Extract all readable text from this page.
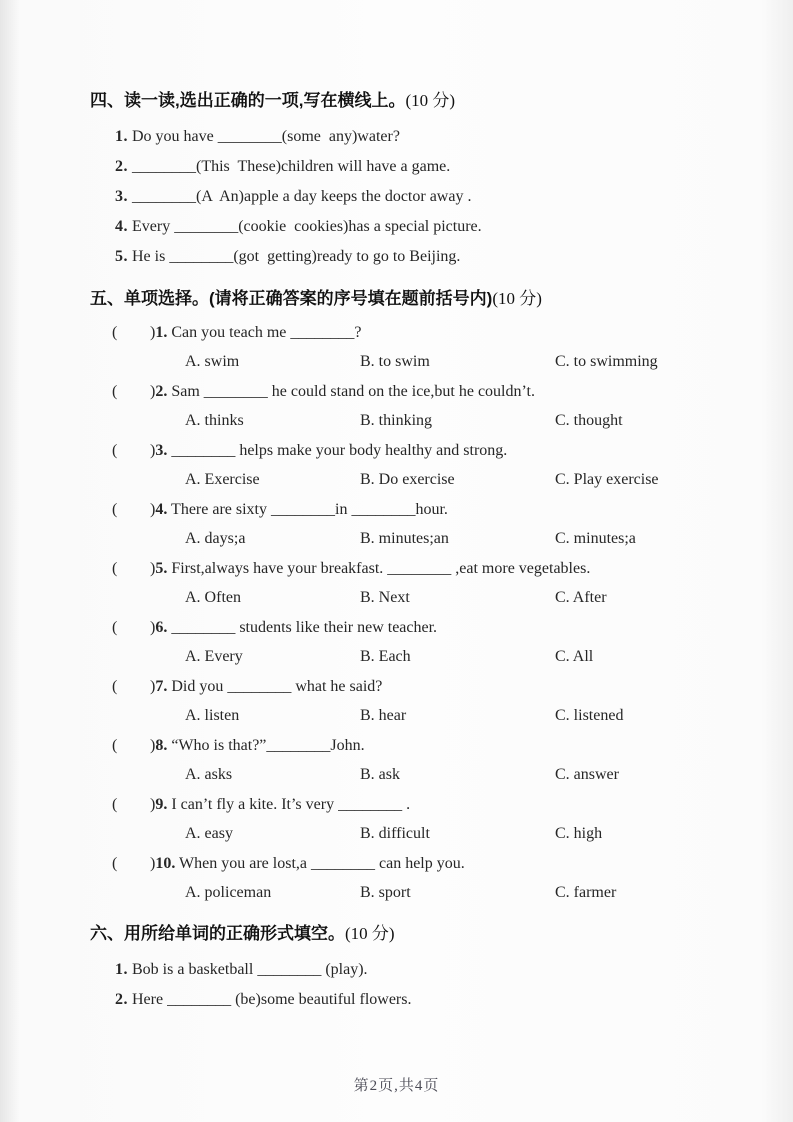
四、读一读,选出正确的一项,写在横线上。(10 分)
1. Do you have ________(some  any)water?
2. ________(This  These)children will have a game.
3. ________(A  An)apple a day keeps the doctor away .
4. Every ________(cookie  cookies)has a special picture.
5. He is ________(got  getting)ready to go to Beijing.
五、单项选择。(请将正确答案的序号填在题前括号内)(10 分)
( )1. Can you teach me ________?
A. swim	B. to swim	C. to swimming
( )2. Sam ________ he could stand on the ice,but he couldn’t.
A. thinks	B. thinking	C. thought
( )3. ________ helps make your body healthy and strong.
A. Exercise	B. Do exercise	C. Play exercise
( )4. There are sixty ________in ________hour.
A. days;a	B. minutes;an	C. minutes;a
( )5. First,always have your breakfast. ________ ,eat more vegetables.
A. Often	B. Next	C. After
( )6. ________ students like their new teacher.
A. Every	B. Each	C. All
( )7. Did you ________ what he said?
A. listen	B. hear	C. listened
( )8. “Who is that?”________John.
A. asks	B. ask	C. answer
( )9. I can’t fly a kite. It’s very ________ .
A. easy	B. difficult	C. high
( )10. When you are lost,a ________ can help you.
A. policeman	B. sport	C. farmer
六、用所给单词的正确形式填空。(10 分)
1. Bob is a basketball ________ (play).
2. Here ________ (be)some beautiful flowers.
第2页,共4页
